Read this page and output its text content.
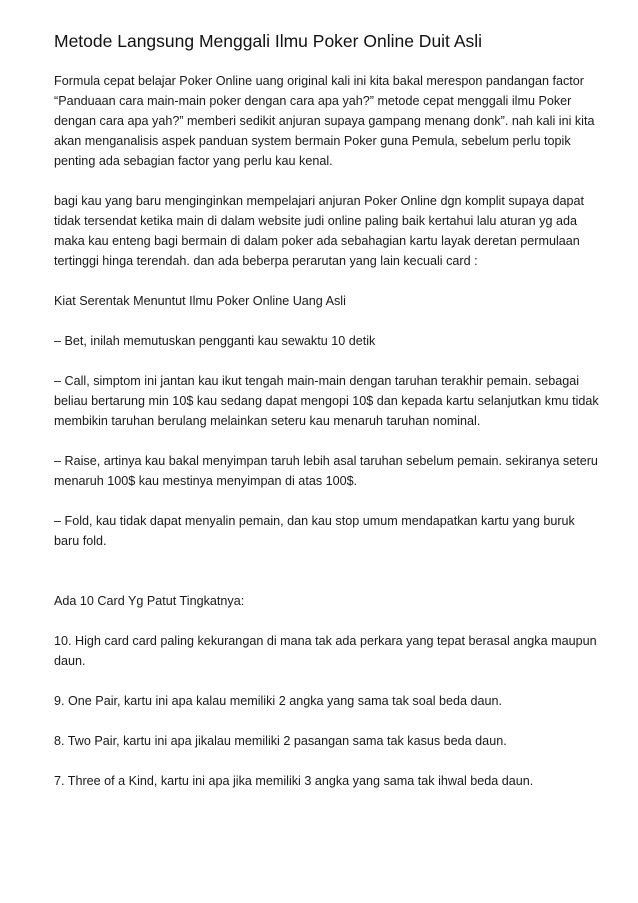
Metode Langsung Menggali Ilmu Poker Online Duit Asli

Formula cepat belajar Poker Online uang original kali ini kita bakal merespon pandangan factor “Panduaan cara main-main poker dengan cara apa yah?” metode cepat menggali ilmu Poker dengan cara apa yah?” memberi sedikit anjuran supaya gampang menang donk”. nah kali ini kita akan menganalisis aspek panduan system bermain Poker guna Pemula, sebelum perlu topik penting ada sebagian factor yang perlu kau kenal.

bagi kau yang baru menginginkan mempelajari anjuran Poker Online dgn komplit supaya dapat tidak tersendat ketika main di dalam website judi online paling baik kertahui lalu aturan yg ada maka kau enteng bagi bermain di dalam poker ada sebahagian kartu layak deretan permulaan tertinggi hinga terendah. dan ada beberpa perarutan yang lain kecuali card :

Kiat Serentak Menuntut Ilmu Poker Online Uang Asli

– Bet, inilah memutuskan pengganti kau sewaktu 10 detik

– Call, simptom ini jantan kau ikut tengah main-main dengan taruhan terakhir pemain. sebagai beliau bertarung min 10$ kau sedang dapat mengopi 10$ dan kepada kartu selanjutkan kmu tidak membikin taruhan berulang melainkan seteru kau menaruh taruhan nominal.

– Raise, artinya kau bakal menyimpan taruh lebih asal taruhan sebelum pemain. sekiranya seteru menaruh 100$ kau mestinya menyimpan di atas 100$.

– Fold, kau tidak dapat menyalin pemain, dan kau stop umum mendapatkan kartu yang buruk baru fold.

Ada 10 Card Yg Patut Tingkatnya:

10. High card card paling kekurangan di mana tak ada perkara yang tepat berasal angka maupun daun.

9. One Pair, kartu ini apa kalau memiliki 2 angka yang sama tak soal beda daun.

8. Two Pair, kartu ini apa jikalau memiliki 2 pasangan sama tak kasus beda daun.

7. Three of a Kind, kartu ini apa jika memiliki 3 angka yang sama tak ihwal beda daun.
